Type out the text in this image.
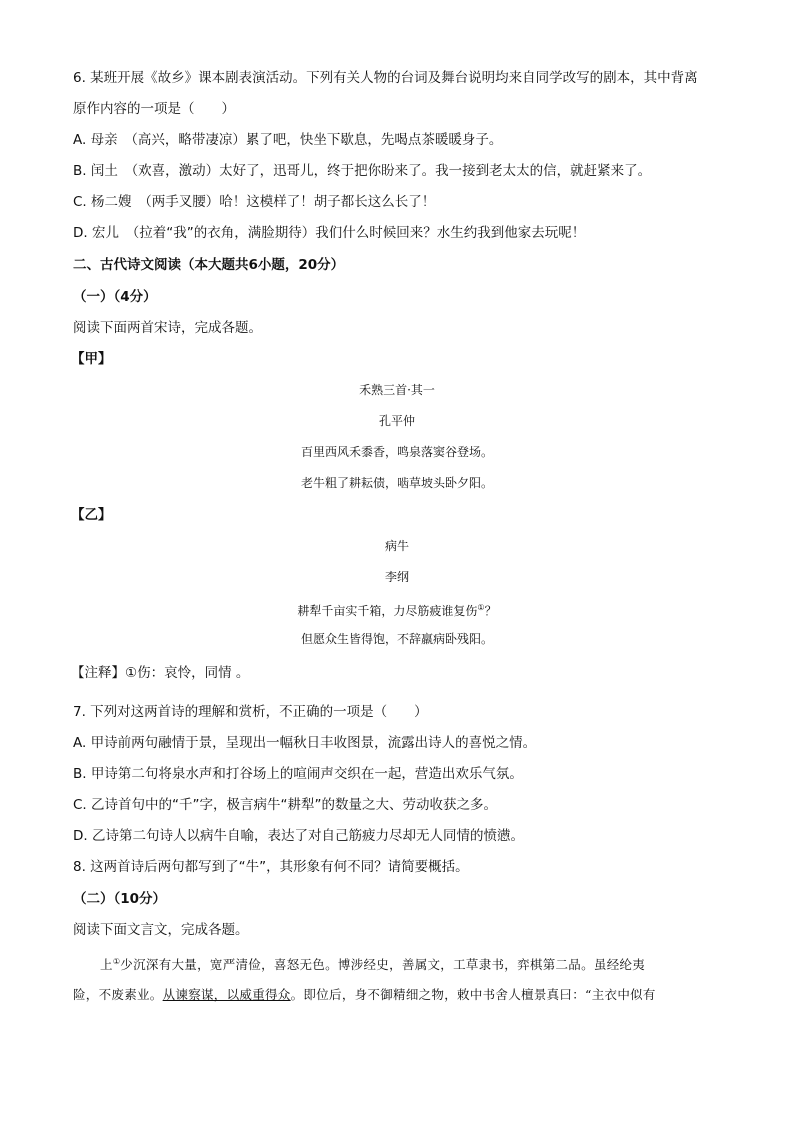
6. 某班开展《故乡》课本剧表演活动。下列有关人物的台词及舞台说明均来自同学改写的剧本，其中背离
原作内容的一项是（　　）
A. 母亲　（高兴，略带凄凉）累了吧，快坐下歇息，先喝点茶暖暖身子。
B. 闰土　（欢喜，激动）太好了，迅哥儿，终于把你盼来了。我一接到老太太的信，就赶紧来了。
C. 杨二嫂　（两手叉腰）哈！这模样了！胡子都长这么长了！
D. 宏儿　（拉着“我”的衣角，满脸期待）我们什么时候回来？水生约我到他家去玩呢！
二、古代诗文阅读（本大题共6小题，20分）
（一）（4分）
阅读下面两首宋诗，完成各题。
【甲】
禾熟三首·其一
孔平仲
百里西风禾黍香，鸣泉落窦谷登场。
老牛粗了耕耘债，啮草坡头卧夕阳。
【乙】
病牛
李纲
耕犁千亩实千箱，力尽筋疲谁复伤①？
但愿众生皆得饱，不辞羸病卧残阳。
【注释】①伤：哀怜，同情 。
7. 下列对这两首诗的理解和赏析，不正确的一项是（　　）
A. 甲诗前两句融情于景，呈现出一幅秋日丰收图景，流露出诗人的喜悦之情。
B. 甲诗第二句将泉水声和打谷场上的喧闹声交织在一起，营造出欢乐气氛。
C. 乙诗首句中的“千”字，极言病牛“耕犁”的数量之大、劳动收获之多。
D. 乙诗第二句诗人以病牛自喻，表达了对自己筋疲力尽却无人同情的愤懑。
8. 这两首诗后两句都写到了“牛”，其形象有何不同？请简要概括。
（二）（10分）
阅读下面文言文，完成各题。
上①少沉深有大量，宽严清俭，喜怒无色。博涉经史，善属文，工草隶书，弈棋第二品。虽经纶夷
险，不废素业。从谏察谋，以威重得众。即位后，身不御精细之物，敕中书舍人檀景真曰：“主衣中似有
